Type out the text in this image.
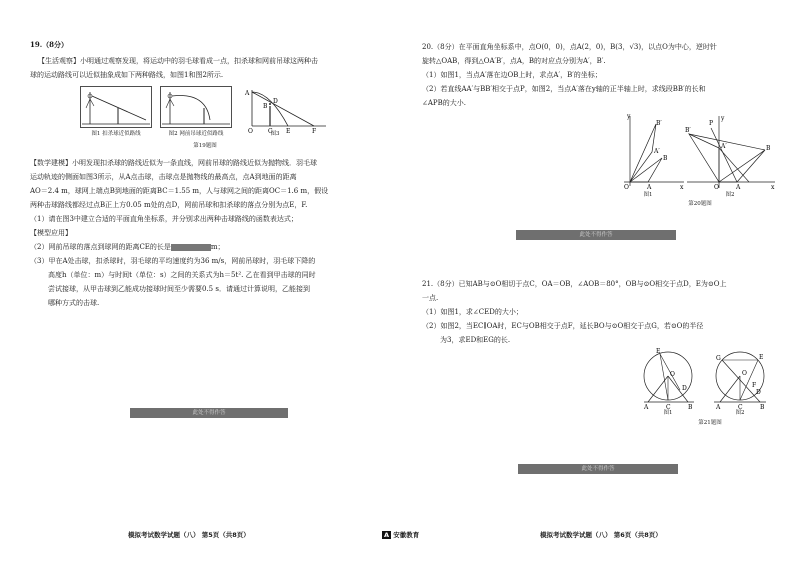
19.（8分）
【生活观察】小明通过观察发现，将运动中的羽毛球看成一点，扣杀球和网前吊球这两种击
球的运动路线可以近似抽象成如下两种路线，如图1和图2所示.
图1 扣杀球近似路线	图2 网前吊球近似路线
A
B
D
O	C E	F
图3
第19题图
【数学建模】小明发现扣杀球的路线近似为一条直线，网前吊球的路线近似为抛物线．羽毛球
运动轨迹的侧面如图3所示，从A点击球，击球点是抛物线的最高点，点A到地面的距离
AO＝2.4 m，球网上端点B到地面的距离BC＝1.55 m，人与球网之间的距离OC＝1.6 m，假设
两种击球路线都经过点B正上方0.05 m处的点D，网前吊球和扣杀球的落点分别为点E，F.
（1）请在图3中建立合适的平面直角坐标系，并分别求出两种击球路线的函数表达式；
【模型应用】
（2）网前吊球的落点到球网的距离CE的长是	m；
（3）甲在A处击球，扣杀球时，羽毛球的平均速度约为36 m/s，网前吊球时，羽毛球下降的
高度h（单位：m）与时间t（单位：s）之间的关系式为h＝5t². 乙在看到甲击球的同时
尝试接球，从甲击球到乙能成功接球时间至少需要0.5 s．请通过计算说明，乙能接到
哪种方式的击球.
此处不得作答
模拟考试数学试题（八） 第5页（共8页）	A 安徽教育
20.（8分）在平面直角坐标系中，点O(0，0)，点A(2，0)，B(3，√3)，以点O为中心，逆时针
旋转△OAB，得到△OA′B′，点A，B的对应点分别为A′，B′.
（1）如图1，当点A′落在边OB上时，求点A′，B′的坐标；
（2）若直线AA′与BB′相交于点P，如图2，当点A′落在y轴的正半轴上时，求线段BB′的长和
∠APB的大小.
y
x
O	A
B
A′
B′
图1
y
x
O	A
B
A′
B′
P
图2
第20题图
此处不得作答
21.（8分）已知AB与⊙O相切于点C，OA＝OB，∠AOB＝80°，OB与⊙O相交于点D，E为⊙O上
一点.
（1）如图1，求∠CED的大小；
（2）如图2，当EC∥OA时，EC与OB相交于点F，延长BO与⊙O相交于点G，若⊙O的半径
为3，求ED和EG的长.
O
E
D
A	C	B
图1
O
E
G
F
D
A	C	B
图2
第21题图
此处不得作答
模拟考试数学试题（八） 第6页（共8页）
